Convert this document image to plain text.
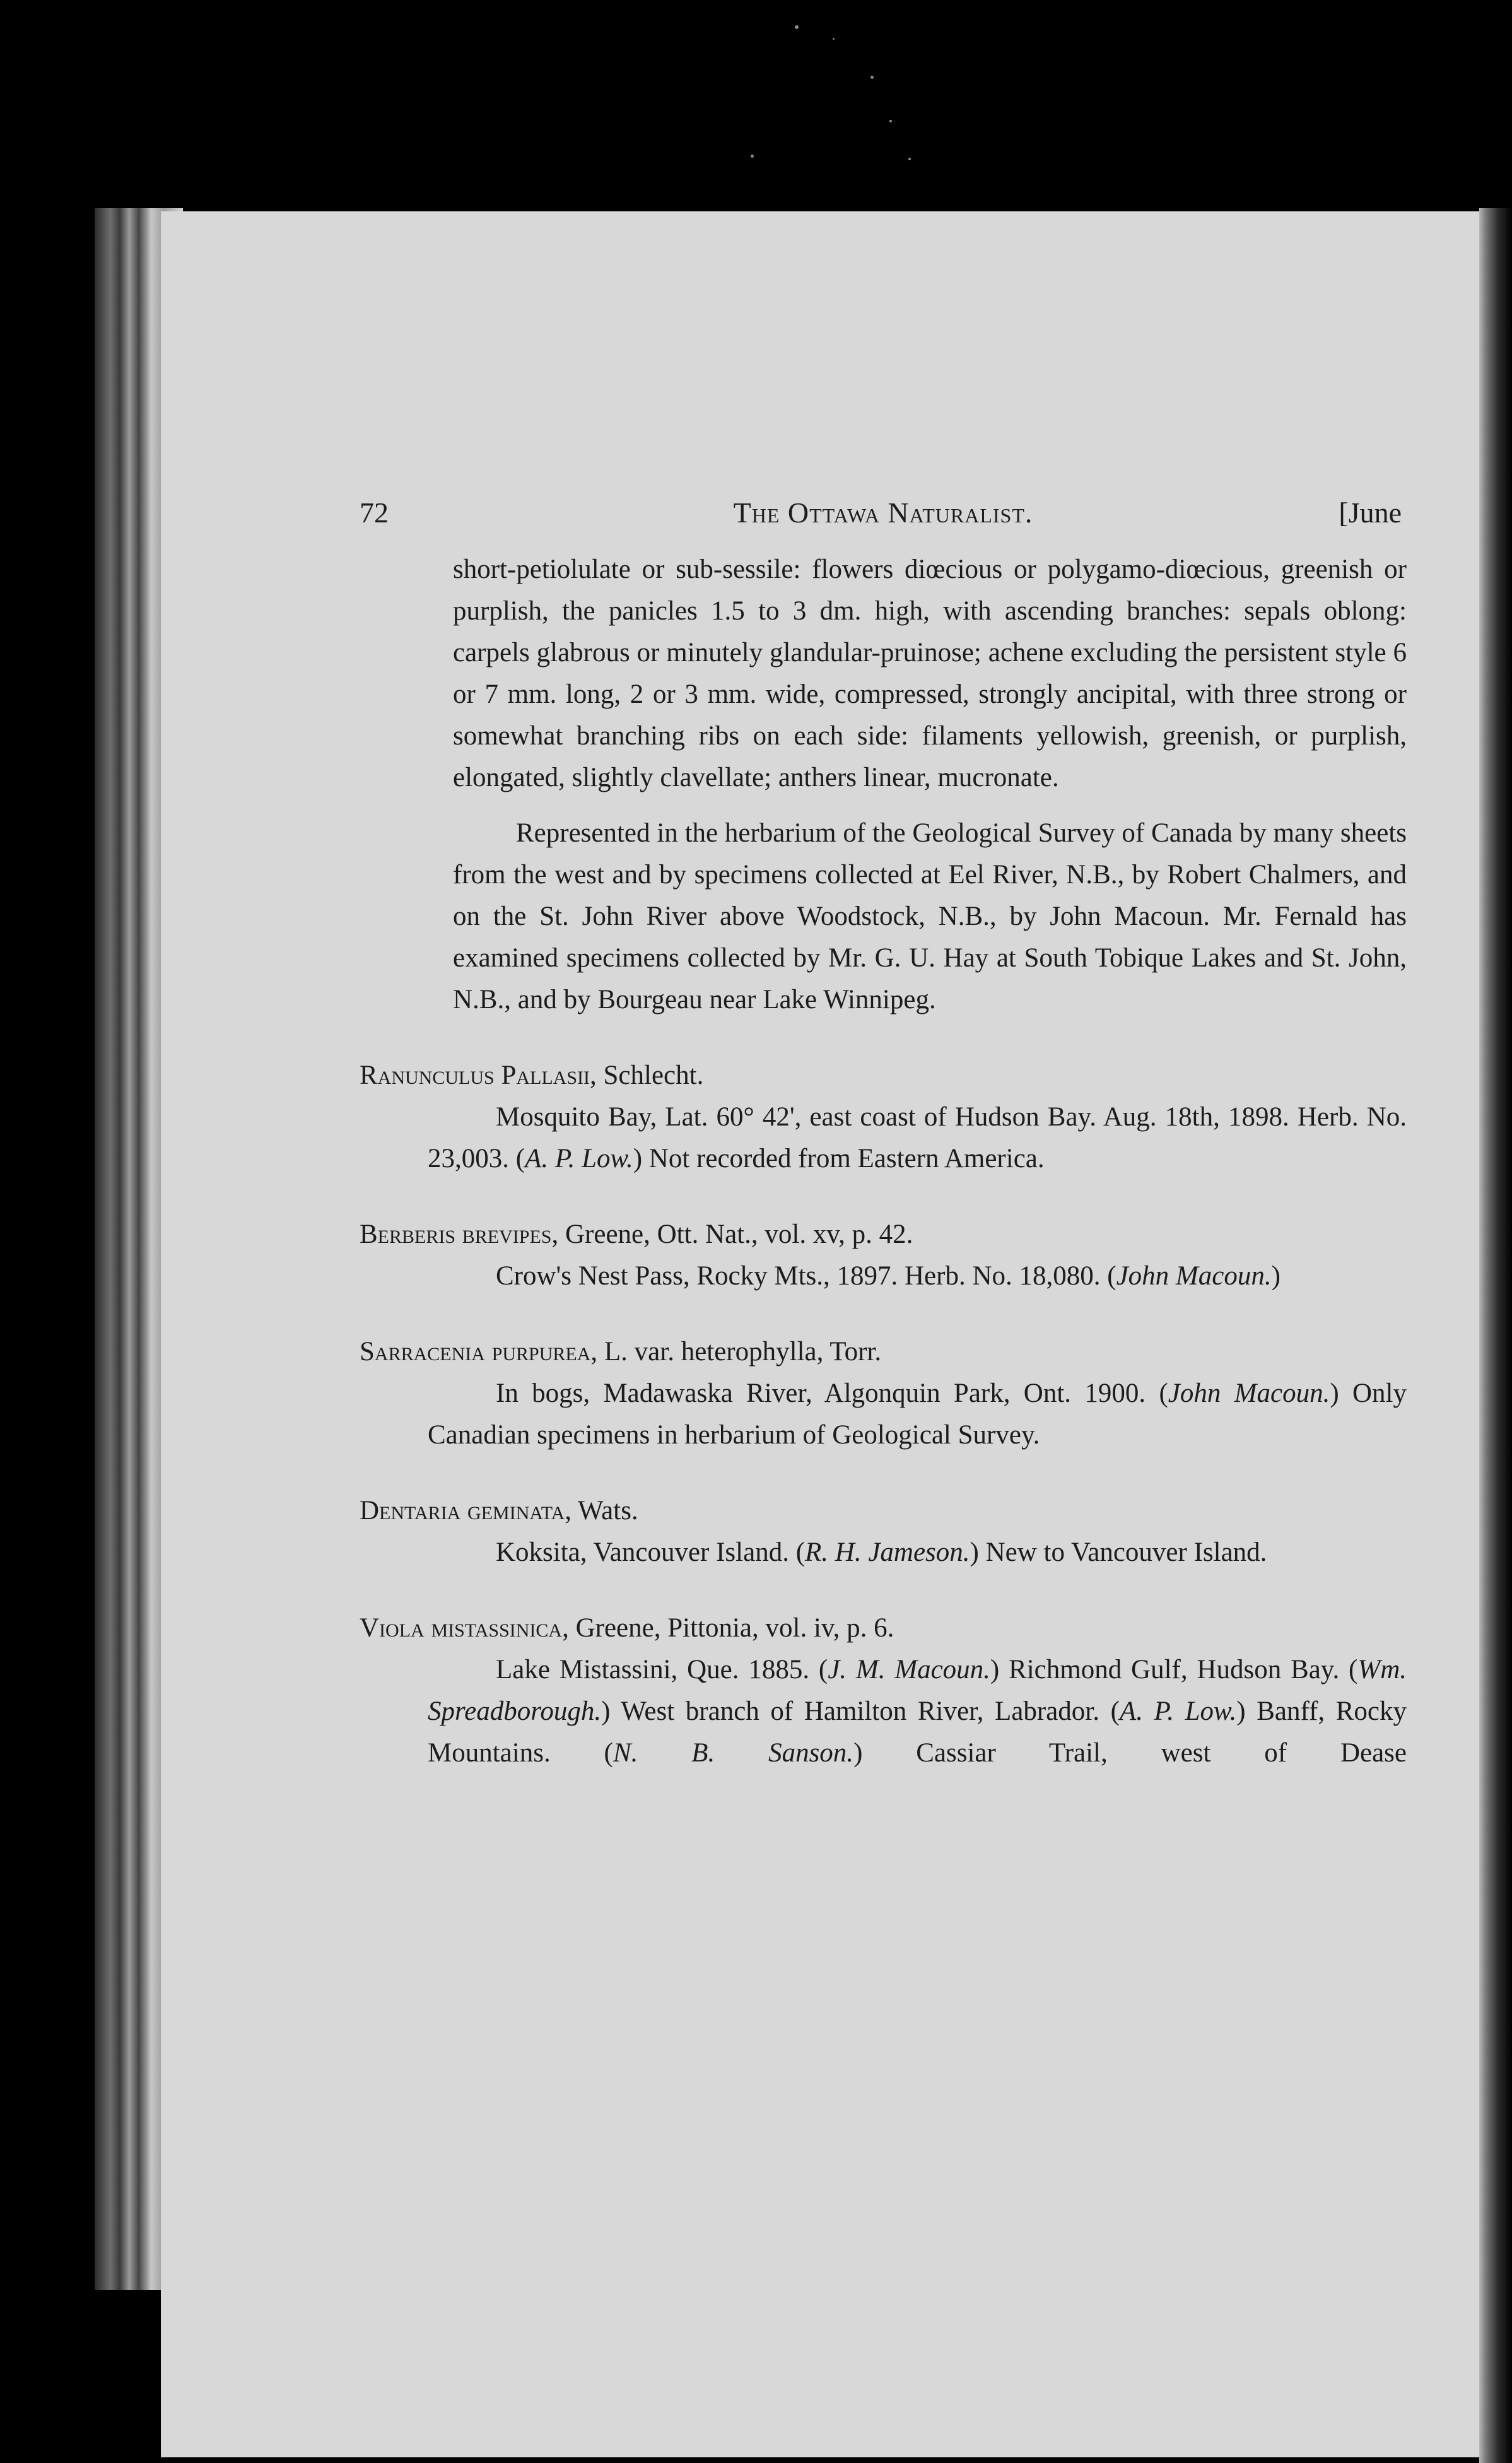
72	The Ottawa Naturalist.	[June

short-petiolulate or sub-sessile: flowers diœcious or polygamo-diœcious, greenish or purplish, the panicles 1.5 to 3 dm. high, with ascending branches: sepals oblong: carpels glabrous or minutely glandular-pruinose; achene excluding the persistent style 6 or 7 mm. long, 2 or 3 mm. wide, compressed, strongly ancipital, with three strong or somewhat branching ribs on each side: filaments yellowish, greenish, or purplish, elongated, slightly clavellate; anthers linear, mucronate.

Represented in the herbarium of the Geological Survey of Canada by many sheets from the west and by specimens collected at Eel River, N.B., by Robert Chalmers, and on the St. John River above Woodstock, N.B., by John Macoun. Mr. Fernald has examined specimens collected by Mr. G. U. Hay at South Tobique Lakes and St. John, N.B., and by Bourgeau near Lake Winnipeg.

Ranunculus Pallasii, Schlecht.

Mosquito Bay, Lat. 60° 42', east coast of Hudson Bay. Aug. 18th, 1898. Herb. No. 23,003. (A. P. Low.) Not recorded from Eastern America.

Berberis brevipes, Greene, Ott. Nat., vol. xv, p. 42.

Crow's Nest Pass, Rocky Mts., 1897. Herb. No. 18,080. (John Macoun.)

Sarracenia purpurea, L. var. heterophylla, Torr.

In bogs, Madawaska River, Algonquin Park, Ont. 1900. (John Macoun.) Only Canadian specimens in herbarium of Geological Survey.

Dentaria geminata, Wats.

Koksita, Vancouver Island. (R. H. Jameson.) New to Vancouver Island.

Viola mistassinica, Greene, Pittonia, vol. iv, p. 6.

Lake Mistassini, Que. 1885. (J. M. Macoun.) Richmond Gulf, Hudson Bay. (Wm. Spreadborough.) West branch of Hamilton River, Labrador. (A. P. Low.) Banff, Rocky Mountains. (N. B. Sanson.) Cassiar Trail, west of Dease
